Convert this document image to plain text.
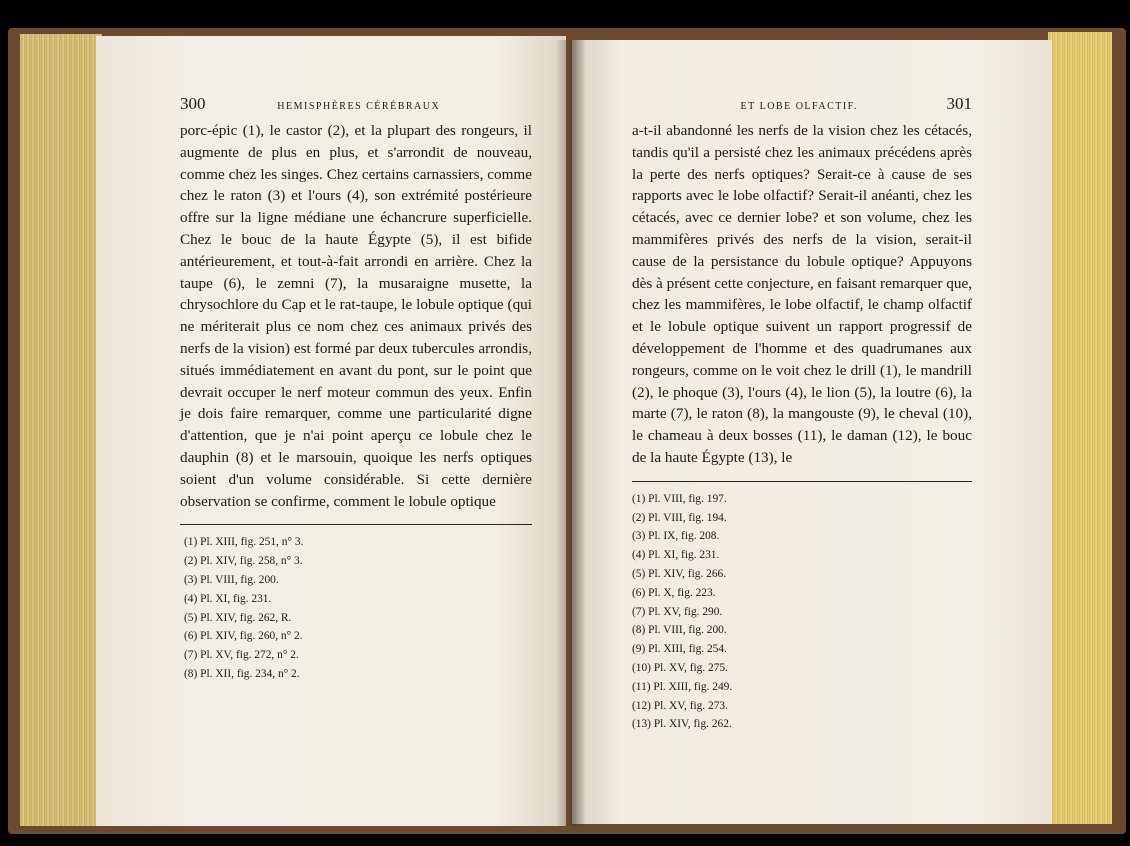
300	HEMISPHÈRES CÉRÉBRAUX

porc-épic (1), le castor (2), et la plupart des rongeurs, il augmente de plus en plus, et s'arrondit de nouveau, comme chez les singes. Chez certains carnassiers, comme chez le raton (3) et l'ours (4), son extrémité postérieure offre sur la ligne médiane une échancrure superficielle. Chez le bouc de la haute Égypte (5), il est bifide antérieurement, et tout-à-fait arrondi en arrière. Chez la taupe (6), le zemni (7), la musaraigne musette, la chrysochlore du Cap et le rat-taupe, le lobule optique (qui ne mériterait plus ce nom chez ces animaux privés des nerfs de la vision) est formé par deux tubercules arrondis, situés immédiatement en avant du pont, sur le point que devrait occuper le nerf moteur commun des yeux. Enfin je dois faire remarquer, comme une particularité digne d'attention, que je n'ai point aperçu ce lobule chez le dauphin (8) et le marsouin, quoique les nerfs optiques soient d'un volume considérable. Si cette dernière observation se confirme, comment le lobule optique

(1) Pl. XIII, fig. 251, n° 3.
(2) Pl. XIV, fig. 258, n° 3.
(3) Pl. VIII, fig. 200.
(4) Pl. XI, fig. 231.
(5) Pl. XIV, fig. 262, R.
(6) Pl. XIV, fig. 260, n° 2.
(7) Pl. XV, fig. 272, n° 2.
(8) Pl. XII, fig. 234, n° 2.
ET LOBE OLFACTIF.	301

a-t-il abandonné les nerfs de la vision chez les cétacés, tandis qu'il a persisté chez les animaux précédens après la perte des nerfs optiques? Serait-ce à cause de ses rapports avec le lobe olfactif? Serait-il anéanti, chez les cétacés, avec ce dernier lobe? et son volume, chez les mammifères privés des nerfs de la vision, serait-il cause de la persistance du lobule optique? Appuyons dès à présent cette conjecture, en faisant remarquer que, chez les mammifères, le lobe olfactif, le champ olfactif et le lobule optique suivent un rapport progressif de développement de l'homme et des quadrumanes aux rongeurs, comme on le voit chez le drill (1), le mandrill (2), le phoque (3), l'ours (4), le lion (5), la loutre (6), la marte (7), le raton (8), la mangouste (9), le cheval (10), le chameau à deux bosses (11), le daman (12), le bouc de la haute Égypte (13), le

(1) Pl. VIII, fig. 197.
(2) Pl. VIII, fig. 194.
(3) Pl. IX, fig. 208.
(4) Pl. XI, fig. 231.
(5) Pl. XIV, fig. 266.
(6) Pl. X, fig. 223.
(7) Pl. XV, fig. 290.
(8) Pl. VIII, fig. 200.
(9) Pl. XIII, fig. 254.
(10) Pl. XV, fig. 275.
(11) Pl. XIII, fig. 249.
(12) Pl. XV, fig. 273.
(13) Pl. XIV, fig. 262.
